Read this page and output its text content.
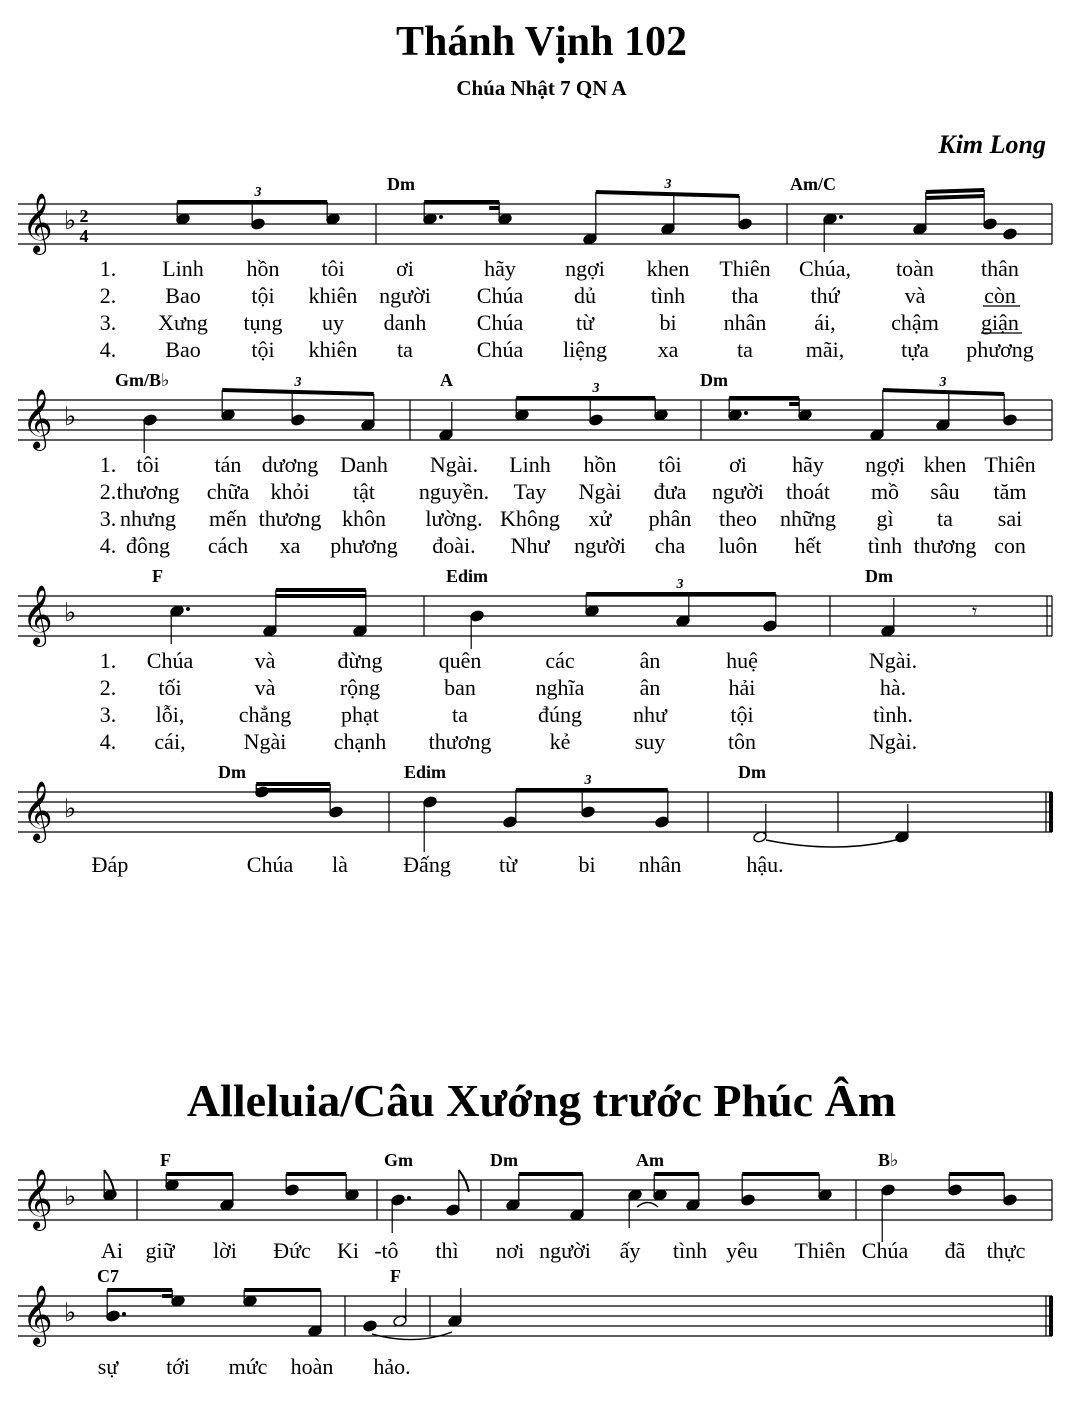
Thánh Vịnh 102
Chúa Nhật 7 QN A
Kim Long
Alleluia/Câu Xướng trước Phúc Âm
𝄞 ♭
𝄞 ♭
𝄞 ♭
𝄞 ♭
2
4
3	Dm	3	Am/C
Gm/B♭	3	A	3	Dm	3
F	Edim	3	Dm
𝄾
Dm	Edim	3	Dm
1. Linh hồn tôi ơi	hãy ngợi khen Thiên Chúa, toàn thân
2. Bao tội khiên người Chúa dủ tình tha thứ	và	còn
3. Xưng tụng uy danh Chúa từ	bi nhân ái,	chậm giận
4. Bao tội khiên ta	Chúa liệng xa	ta mãi,	tựa phương
1. tôi tán dương Danh Ngài. Linh hồn tôi ơi hãy ngợi khen Thiên
2. thương chữa khỏi tật nguyền. Tay Ngài đưa người thoát mồ sâu tăm
3. nhưng mến thương khôn lường. Không xử phân theo những gì ta sai
4. đông cách xa phương đoài. Như người cha luôn hết tình thương con
1. Chúa	và	đừng	quên	các	ân	huệ	Ngài.
2. tối	và	rộng	ban	nghĩa	ân	hải	hà.
3. lỗi, chẳng phạt	ta	đúng như	tội	tình.
4. cái,	Ngài chạnh thương	kẻ	suy	tôn	Ngài.
Đáp	Chúa là	Đấng từ	bi nhân	hậu.
𝄞 ♭
𝄞 ♭
F	Gm	Dm	Am	B♭
C7	F
Ai giữ lời Đức Ki - tô thì nơi người ấy tình yêu Thiên Chúa đã thực
sự tới mức hoàn hảo.
